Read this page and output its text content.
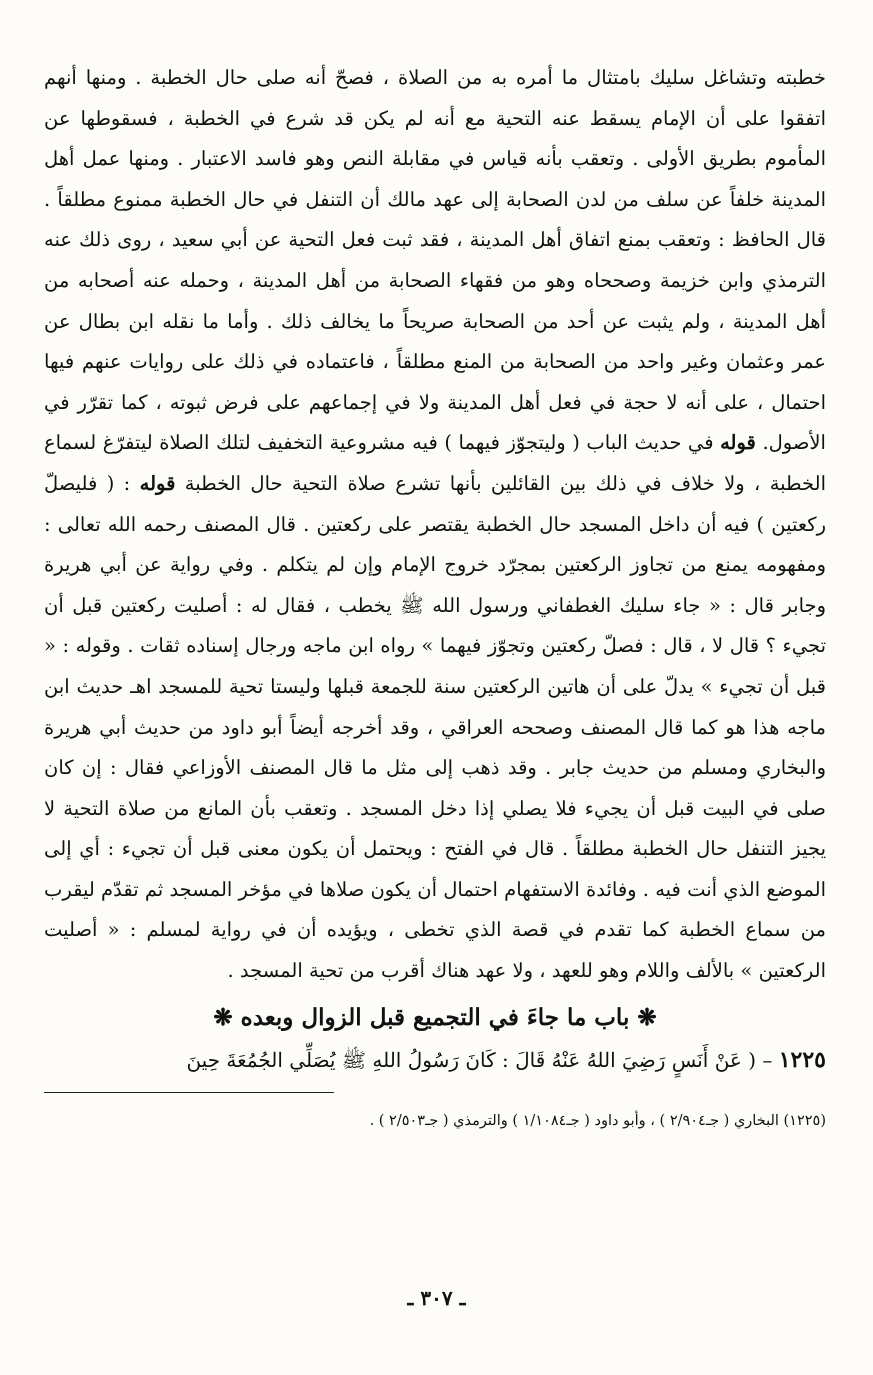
خطبته وتشاغل سليك بامتثال ما أمره به من الصلاة ، فصحّ أنه صلى حال الخطبة . ومنها أنهم اتفقوا على أن الإمام يسقط عنه التحية مع أنه لم يكن قد شرع في الخطبة ، فسقوطها عن المأموم بطريق الأولى . وتعقب بأنه قياس في مقابلة النص وهو فاسد الاعتبار . ومنها عمل أهل المدينة خلفاً عن سلف من لدن الصحابة إلى عهد مالك أن التنفل في حال الخطبة ممنوع مطلقاً . قال الحافظ : وتعقب بمنع اتفاق أهل المدينة ، فقد ثبت فعل التحية عن أبي سعيد ، روى ذلك عنه الترمذي وابن خزيمة وصححاه وهو من فقهاء الصحابة من أهل المدينة ، وحمله عنه أصحابه من أهل المدينة ، ولم يثبت عن أحد من الصحابة صريحاً ما يخالف ذلك . وأما ما نقله ابن بطال عن عمر وعثمان وغير واحد من الصحابة من المنع مطلقاً ، فاعتماده في ذلك على روايات عنهم فيها احتمال ، على أنه لا حجة في فعل أهل المدينة ولا في إجماعهم على فرض ثبوته ، كما تقرّر في الأصول. قوله في حديث الباب ( وليتجوّز فيهما ) فيه مشروعية التخفيف لتلك الصلاة ليتفرّغ لسماع الخطبة ، ولا خلاف في ذلك بين القائلين بأنها تشرع صلاة التحية حال الخطبة قوله : ( فليصلّ ركعتين ) فيه أن داخل المسجد حال الخطبة يقتصر على ركعتين . قال المصنف رحمه الله تعالى : ومفهومه يمنع من تجاوز الركعتين بمجرّد خروج الإمام وإن لم يتكلم . وفي رواية عن أبي هريرة وجابر قال : « جاء سليك الغطفاني ورسول الله ﷺ يخطب ، فقال له : أصليت ركعتين قبل أن تجيء ؟ قال لا ، قال : فصلّ ركعتين وتجوّز فيهما » رواه ابن ماجه ورجال إسناده ثقات . وقوله : « قبل أن تجيء » يدلّ على أن هاتين الركعتين سنة للجمعة قبلها وليستا تحية للمسجد اهـ حديث ابن ماجه هذا هو كما قال المصنف وصححه العراقي ، وقد أخرجه أيضاً أبو داود من حديث أبي هريرة والبخاري ومسلم من حديث جابر . وقد ذهب إلى مثل ما قال المصنف الأوزاعي فقال : إن كان صلى في البيت قبل أن يجيء فلا يصلي إذا دخل المسجد . وتعقب بأن المانع من صلاة التحية لا يجيز التنفل حال الخطبة مطلقاً . قال في الفتح : ويحتمل أن يكون معنى قبل أن تجيء : أي إلى الموضع الذي أنت فيه . وفائدة الاستفهام احتمال أن يكون صلاها في مؤخر المسجد ثم تقدّم ليقرب من سماع الخطبة كما تقدم في قصة الذي تخطى ، ويؤيده أن في رواية لمسلم : « أصليت الركعتين » بالألف واللام وهو للعهد ، ولا عهد هناك أقرب من تحية المسجد .

❋ باب ما جاءَ في التجميع قبل الزوال وبعده ❋

١٢٢٥ – ( عَنْ أَنَسٍ رَضِيَ اللهُ عَنْهُ قَالَ : كَانَ رَسُولُ اللهِ ﷺ يُصَلِّي الجُمُعَةَ حِينَ

(١٢٢٥) البخاري ( جـ٢/٩٠٤ ) ، وأبو داود ( جـ١/١٠٨٤ ) والترمذي ( جـ٢/٥٠٣ ) .

ـ ٣٠٧ ـ
